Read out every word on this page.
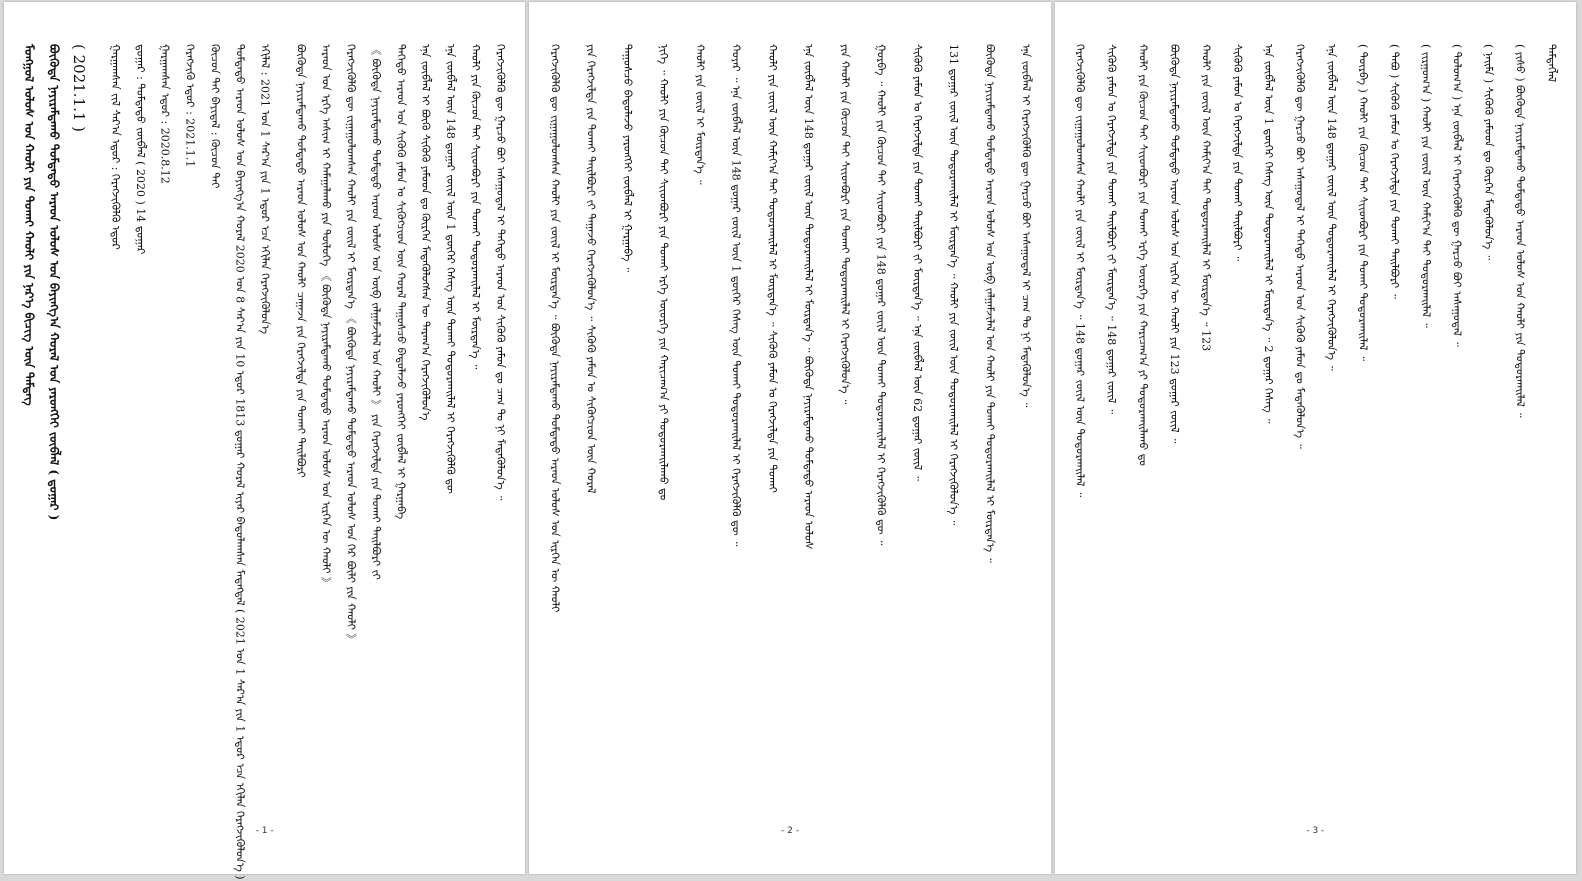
ᠮᠣᠩᠭᠣᠯ ᠤᠯᠤᠰ ᠤᠨ ᠬᠠᠤᠯᠢ ᠶᠢᠨ ᠲᠤᠬᠠᠢ ᠬᠠᠤᠯᠢ ᠶᠢᠨ ᠨᠡᠷ᠎ᠡ ᠪᠢᠴᠢᠭ ᠦᠨ ᠲᠡᠮᠳᠡᠭ ᠪᠦᠭᠦᠳᠡ ᠨᠠᠶᠢᠷᠠᠮᠳᠠᠬᠤ ᠳᠤᠮᠳᠠᠳᠤ ᠠᠷᠠᠳ ᠤᠯᠤᠰ ᠤᠨ ᠪᠠᠶᠢᠩᠭ᠎ᠠ ᠬᠤᠷᠠᠯ ᠤᠨ ᠶᠡᠷᠦᠩᠬᠡᠢ ᠵᠦᠪᠯᠡᠯ ( ᠳ᠋ᠤᠭᠠᠷ ) ( 2021.1.1 ) ᠭᠠᠷᠭᠠᠭᠰᠠᠨ ᠵᠢᠯ ᠰᠠᠷ᠎ᠠ ᠡᠳᠦᠷ : ᠬᠡᠷᠡᠭᠵᠢᠬᠦᠯᠬᠦ ᠡᠳᠦᠷ ᠳ᠋ᠤᠭᠠᠷ : ᠳᠤᠮᠳᠠᠳᠤ ᠵᠦᠪᠯᠡᠯ ( 2020 ) 14 ᠳ᠋ᠤᠭᠠᠷ ᠭᠠᠷᠭᠠᠭᠰᠠᠨ ᠡᠳᠦᠷ : 2020.8.12 ᠬᠡᠷᠡᠭᠵᠢᠬᠦ ᠡᠳᠦᠷ : 2021.1.1 ᠬᠦᠴᠦᠨ ᠲᠠᠢ ᠪᠠᠶᠢᠳᠠᠯ : ᠬᠦᠴᠦᠨ ᠲᠠᠢ ᠳᠤᠮᠳᠠᠳᠤ ᠠᠷᠠᠳ ᠤᠯᠤᠰ ᠤᠨ ᠪᠠᠶᠢᠩᠭ᠎ᠠ ᠬᠤᠷᠠᠯ 2020 ᠤᠨ 8 ᠰᠠᠷ᠎ᠠ ᠶᠢᠨ 10 ᠡᠳᠦᠷ 1813 ᠳ᠋ᠤᠭᠠᠷ ᠬᠤᠷᠠᠯ ᠢᠶᠠᠷ ᠪᠠᠲᠤᠯᠠᠭᠰᠠᠨ ᠮᠡᠳᠡᠭᠳᠡᠯ ( 2021 ᠤᠨ 1 ᠰᠠᠷ᠎ᠠ ᠶᠢᠨ 1 ᠡᠳᠦᠷ ᠡᠴᠡ ᠡᠬᠢᠯᠡᠨ ᠬᠡᠷᠡᠭᠵᠢᠭᠦᠯᠦᠨ᠎ᠡ ) ᠡᠬᠢᠯᠡᠯ : 2021 ᠤᠨ 1 ᠰᠠᠷ᠎ᠠ ᠶᠢᠨ 1 ᠡᠳᠦᠷ ᠡᠴᠡ ᠡᠬᠢᠯᠡᠨ ᠬᠡᠷᠡᠭᠵᠢᠭᠦᠯᠦᠨ᠎ᠡ ᠪᠦᠭᠦᠳᠡ ᠨᠠᠶᠢᠷᠠᠮᠳᠠᠬᠤ ᠳᠤᠮᠳᠠᠳᠤ ᠠᠷᠠᠳ ᠤᠯᠤᠰ ᠤᠨ ᠬᠠᠤᠯᠢ ᠴᠠᠭᠠᠵᠠ ᠶᠢᠨ ᠬᠡᠷᠡᠭᠵᠢᠯᠲᠡ ᠶᠢᠨ ᠲᠤᠬᠠᠢ ᠲᠠᠢᠯᠪᠤᠷᠢ ᠠᠷᠠᠳ ᠤᠨ ᠡᠷᠬᠡ ᠠᠰᠢᠭ ᠢ ᠬᠠᠮᠠᠭᠠᠯᠠᠬᠤ ᠶᠢᠨ ᠲᠥᠯᠥᠭᠡ 《 ᠪᠦᠭᠦᠳᠡ ᠨᠠᠶᠢᠷᠠᠮᠳᠠᠬᠤ ᠳᠤᠮᠳᠠᠳᠤ ᠠᠷᠠᠳ ᠤᠯᠤᠰ ᠤᠨ ᠢᠷᠭᠡᠨ ᠦ ᠬᠠᠤᠯᠢ 》 ᠬᠡᠷᠡᠭᠵᠢᠭᠦᠯᠬᠦ ᠳᠦ ᠵᠢᠭᠠᠭᠤᠯᠤᠭᠰᠠᠨ ᠬᠠᠤᠯᠢ ᠶᠢᠨ ᠵᠦᠢᠯ ᠢ ᠮᠦᠷᠳᠡᠨ᠎ᠡ 《 ᠪᠦᠭᠦᠳᠡ ᠨᠠᠶᠢᠷᠠᠮᠳᠠᠬᠤ ᠳᠤᠮᠳᠠᠳᠤ ᠠᠷᠠᠳ ᠤᠯᠤᠰ ᠤᠨ ᠭᠡᠷ ᠪᠦᠯᠢ ᠶᠢᠨ ᠬᠠᠤᠯᠢ 》 《 ᠪᠦᠭᠦᠳᠡ ᠨᠠᠶᠢᠷᠠᠮᠳᠠᠬᠤ ᠳᠤᠮᠳᠠᠳᠤ ᠠᠷᠠᠳ ᠤᠯᠤᠰ ᠤᠨ ᠥᠪ ᠵᠠᠯᠭᠠᠮᠵᠢᠯᠠᠯ ᠤᠨ ᠬᠠᠤᠯᠢ 》 ᠶᠢᠨ ᠬᠡᠷᠡᠭᠵᠢᠯᠲᠡ ᠶᠢᠨ ᠲᠤᠬᠠᠢ ᠲᠠᠢᠯᠪᠤᠷᠢ ᠵᠢ ᠳᠡᠭᠡᠳᠦ ᠠᠷᠠᠳ ᠤᠨ ᠰᠢᠭᠦᠬᠦ ᠶᠠᠮᠤᠨ ᠤ ᠰᠢᠭᠦᠭᠴᠢᠳ ᠦᠨ ᠬᠤᠷᠠᠯ ᠳᠠᠭᠤᠰᠴᠤ ᠪᠠᠲᠤᠯᠠᠵᠤ ᠶᠡᠷᠦᠩᠬᠡᠢ ᠵᠦᠪᠯᠡᠯ ᠢ ᠭᠠᠷᠭᠠᠪᠠ ᠡᠨᠡ ᠵᠦᠪᠯᠡᠯ ᠢ ᠪᠦᠬᠦ ᠰᠢᠭᠦᠬᠦ ᠶᠠᠮᠤᠳ ᠳᠤ ᠬᠦᠷᠭᠡᠨ ᠮᠡᠳᠡᠭᠦᠯᠦᠭᠰᠡᠨ ᠦ ᠳᠠᠷᠠᠭ᠎ᠠ ᠬᠡᠷᠡᠭᠵᠢᠭᠦᠯᠦᠨ᠎ᠡ ᠡᠨᠡ ᠵᠦᠪᠯᠡᠯ ᠦᠨ 148 ᠳ᠋ᠤᠭᠠᠷ ᠵᠦᠢᠯ ᠦᠨ 1 ᠳ᠋ᠦᠭᠡᠷ ᠬᠡᠰᠡᠭ ᠦᠨ ᠲᠤᠬᠠᠢ ᠲᠣᠳᠤᠷᠬᠠᠢᠯᠠᠯ ᠢ ᠬᠡᠷᠡᠭᠵᠢᠭᠦᠯᠬᠦ ᠳᠦ ᠬᠠᠤᠯᠢ ᠶᠢᠨ ᠬᠦᠴᠦᠨ ᠲᠡᠢ ᠰᠢᠢᠳᠪᠦᠷᠢ ᠶᠢᠨ ᠲᠤᠬᠠᠢ ᠲᠣᠳᠤᠷᠬᠠᠢᠯᠠᠯ ᠢ ᠮᠦᠷᠳᠡᠨ᠎ᠡ ᠃ ᠬᠡᠷᠡᠭᠵᠢᠭᠦᠯᠬᠦ ᠳᠦ ᠭᠠᠷᠴᠤ ᠪᠤᠢ ᠠᠰᠠᠭᠤᠳᠠᠯ ᠢ ᠳᠡᠭᠡᠳᠦ ᠠᠷᠠᠳ ᠤᠨ ᠰᠢᠭᠦᠬᠦ ᠶᠠᠮᠤᠨ ᠳᠤ ᠴᠠᠭ ᠲᠤ ᠨᠢ ᠮᠡᠳᠡᠭᠦᠯᠦᠨ᠎ᠡ ᠃
- 1 -
ᠬᠡᠷᠡᠭᠵᠢᠭᠦᠯᠬᠦ ᠳᠦ ᠵᠢᠭᠠᠭᠤᠯᠤᠭᠰᠠᠨ ᠬᠠᠤᠯᠢ ᠶᠢᠨ ᠵᠦᠢᠯ ᠢ ᠮᠦᠷᠳᠡᠨ᠎ᠡ ᠃ ᠪᠦᠭᠦᠳᠡ ᠨᠠᠶᠢᠷᠠᠮᠳᠠᠬᠤ ᠳᠤᠮᠳᠠᠳᠤ ᠠᠷᠠᠳ ᠤᠯᠤᠰ ᠤᠨ ᠢᠷᠭᠡᠨ ᠦ ᠬᠠᠤᠯᠢ ᠶᠢᠨ ᠬᠡᠷᠡᠭᠵᠢᠯᠲᠡ ᠶᠢᠨ ᠲᠤᠬᠠᠢ ᠲᠠᠢᠯᠪᠤᠷᠢ ᠵᠢ ᠳᠠᠭᠠᠵᠤ ᠬᠡᠷᠡᠭᠵᠢᠭᠦᠯᠦᠨ᠎ᠡ ᠃ ᠰᠢᠭᠦᠬᠦ ᠶᠠᠮᠤᠨ ᠤ ᠰᠢᠭᠦᠭᠴᠢᠳ ᠦᠨ ᠬᠤᠷᠠᠯ ᠳᠠᠭᠤᠰᠴᠤ ᠪᠠᠲᠤᠯᠠᠵᠤ ᠶᠡᠷᠦᠩᠬᠡᠢ ᠵᠦᠪᠯᠡᠯ ᠢ ᠭᠠᠷᠭᠠᠪᠠ ᠃ ᠨᠢᠭᠡ ᠃ ᠬᠠᠤᠯᠢ ᠶᠢᠨ ᠬᠦᠴᠦᠨ ᠲᠡᠢ ᠰᠢᠢᠳᠪᠦᠷᠢ ᠶᠢᠨ ᠲᠤᠬᠠᠢ ᠡᠷᠬᠡ ᠦᠦᠷᠭᠡ ᠶᠢᠨ ᠬᠠᠷᠢᠴᠠᠭ᠎ᠠ ᠶᠢ ᠲᠣᠳᠤᠷᠬᠠᠢᠯᠠᠬᠤ ᠳᠤ ᠬᠠᠤᠯᠢ ᠶᠢᠨ ᠵᠦᠢᠯ ᠢ ᠮᠦᠷᠳᠡᠨ᠎ᠡ ᠃ ᠬᠣᠶᠠᠷ ᠃ ᠡᠨᠡ ᠵᠦᠪᠯᠡᠯ ᠦᠨ 148 ᠳ᠋ᠤᠭᠠᠷ ᠵᠦᠢᠯ ᠦᠨ 1 ᠳ᠋ᠦᠭᠡᠷ ᠬᠡᠰᠡᠭ ᠦᠨ ᠲᠤᠬᠠᠢ ᠲᠣᠳᠤᠷᠬᠠᠢᠯᠠᠯ ᠢ ᠬᠡᠷᠡᠭᠵᠢᠭᠦᠯᠬᠦ ᠳᠦ ᠃ ᠬᠠᠤᠯᠢ ᠶᠢᠨ ᠵᠦᠢᠯ ᠦᠨ ᠬᠠᠮᠢᠶ᠎ᠠ ᠲᠠᠢ ᠲᠣᠳᠤᠷᠬᠠᠢᠯᠠᠯ ᠢ ᠮᠦᠷᠳᠡᠨ᠎ᠡ ᠃ ᠰᠢᠭᠦᠬᠦ ᠶᠠᠮᠤᠨ ᠤ ᠬᠡᠷᠡᠭᠵᠢᠯᠲᠡ ᠶᠢᠨ ᠲᠤᠬᠠᠢ ᠡᠨᠡ ᠵᠦᠪᠯᠡᠯ ᠦᠨ 148 ᠳ᠋ᠤᠭᠠᠷ ᠵᠦᠢᠯ ᠦᠨ ᠲᠣᠳᠤᠷᠬᠠᠢᠯᠠᠯ ᠢ ᠮᠦᠷᠳᠡᠨ᠎ᠡ ᠃ ᠪᠦᠭᠦᠳᠡ ᠨᠠᠶᠢᠷᠠᠮᠳᠠᠬᠤ ᠳᠤᠮᠳᠠᠳᠤ ᠠᠷᠠᠳ ᠤᠯᠤᠰ ᠶᠢᠨ ᠬᠠᠤᠯᠢ ᠶᠢᠨ ᠬᠦᠴᠦᠨ ᠲᠡᠢ ᠰᠢᠢᠳᠪᠦᠷᠢ ᠶᠢᠨ ᠲᠤᠬᠠᠢ ᠲᠣᠳᠤᠷᠬᠠᠢᠯᠠᠯ ᠢ ᠬᠡᠷᠡᠭᠵᠢᠭᠦᠯᠦᠨ᠎ᠡ ᠃ ᠭᠤᠷᠪᠠ ᠃ ᠬᠠᠤᠯᠢ ᠶᠢᠨ ᠬᠦᠴᠦᠨ ᠲᠡᠢ ᠰᠢᠢᠳᠪᠦᠷᠢ ᠶᠢᠨ 148 ᠳ᠋ᠤᠭᠠᠷ ᠵᠦᠢᠯ ᠦᠨ ᠲᠤᠬᠠᠢ ᠲᠣᠳᠤᠷᠬᠠᠢᠯᠠᠯ ᠢ ᠬᠡᠷᠡᠭᠵᠢᠭᠦᠯᠬᠦ ᠳᠦ ᠃ ᠰᠢᠭᠦᠬᠦ ᠶᠠᠮᠤᠨ ᠤ ᠬᠡᠷᠡᠭᠵᠢᠯᠲᠡ ᠶᠢᠨ ᠲᠤᠬᠠᠢ ᠲᠠᠢᠯᠪᠤᠷᠢ ᠵᠢ ᠮᠦᠷᠳᠡᠨ᠎ᠡ ᠃ ᠡᠨᠡ ᠵᠦᠪᠯᠡᠯ ᠦᠨ 62 ᠳ᠋ᠤᠭᠠᠷ ᠵᠦᠢᠯ ᠃ 131 ᠳ᠋ᠤᠭᠠᠷ ᠵᠦᠢᠯ ᠦᠨ ᠲᠣᠳᠤᠷᠬᠠᠢᠯᠠᠯ ᠢ ᠮᠦᠷᠳᠡᠨ᠎ᠡ ᠃ ᠬᠠᠤᠯᠢ ᠶᠢᠨ ᠵᠦᠢᠯ ᠦᠨ ᠲᠣᠳᠤᠷᠬᠠᠢᠯᠠᠯ ᠢ ᠬᠡᠷᠡᠭᠵᠢᠭᠦᠯᠦᠨ᠎ᠡ ᠃ ᠪᠦᠭᠦᠳᠡ ᠨᠠᠶᠢᠷᠠᠮᠳᠠᠬᠤ ᠳᠤᠮᠳᠠᠳᠤ ᠠᠷᠠᠳ ᠤᠯᠤᠰ ᠤᠨ ᠥᠪ ᠵᠠᠯᠭᠠᠮᠵᠢᠯᠠᠯ ᠤᠨ ᠬᠠᠤᠯᠢ ᠶᠢᠨ ᠲᠤᠬᠠᠢ ᠲᠣᠳᠤᠷᠬᠠᠢᠯᠠᠯ ᠢ ᠮᠦᠷᠳᠡᠨ᠎ᠡ ᠃ ᠡᠨᠡ ᠵᠦᠪᠯᠡᠯ ᠢ ᠬᠡᠷᠡᠭᠵᠢᠭᠦᠯᠬᠦ ᠳᠦ ᠭᠠᠷᠴᠤ ᠪᠤᠢ ᠠᠰᠠᠭᠤᠳᠠᠯ ᠢ ᠴᠠᠭ ᠲᠤ ᠨᠢ ᠮᠡᠳᠡᠭᠦᠯᠦᠨ᠎ᠡ ᠃
- 2 -
ᠬᠡᠷᠡᠭᠵᠢᠭᠦᠯᠬᠦ ᠳᠦ ᠵᠢᠭᠠᠭᠤᠯᠤᠭᠰᠠᠨ ᠬᠠᠤᠯᠢ ᠶᠢᠨ ᠵᠦᠢᠯ ᠢ ᠮᠦᠷᠳᠡᠨ᠎ᠡ ᠃ 148 ᠳ᠋ᠤᠭᠠᠷ ᠵᠦᠢᠯ ᠦᠨ ᠲᠣᠳᠤᠷᠬᠠᠢᠯᠠᠯ ᠃ ᠰᠢᠭᠦᠬᠦ ᠶᠠᠮᠤᠨ ᠤ ᠬᠡᠷᠡᠭᠵᠢᠯᠲᠡ ᠶᠢᠨ ᠲᠤᠬᠠᠢ ᠲᠠᠢᠯᠪᠤᠷᠢ ᠵᠢ ᠮᠦᠷᠳᠡᠨ᠎ᠡ ᠃ 148 ᠳ᠋ᠤᠭᠠᠷ ᠵᠦᠢᠯ ᠃ ᠬᠠᠤᠯᠢ ᠶᠢᠨ ᠬᠦᠴᠦᠨ ᠲᠡᠢ ᠰᠢᠢᠳᠪᠦᠷᠢ ᠶᠢᠨ ᠲᠤᠬᠠᠢ ᠡᠷᠬᠡ ᠦᠦᠷᠭᠡ ᠶᠢᠨ ᠬᠠᠷᠢᠴᠠᠭ᠎ᠠ ᠶᠢ ᠲᠣᠳᠤᠷᠬᠠᠢᠯᠠᠬᠤ ᠳᠤ ᠪᠦᠭᠦᠳᠡ ᠨᠠᠶᠢᠷᠠᠮᠳᠠᠬᠤ ᠳᠤᠮᠳᠠᠳᠤ ᠠᠷᠠᠳ ᠤᠯᠤᠰ ᠤᠨ ᠢᠷᠭᠡᠨ ᠦ ᠬᠠᠤᠯᠢ ᠶᠢᠨ 123 ᠳ᠋ᠤᠭᠠᠷ ᠵᠦᠢᠯ ᠃ ᠬᠠᠤᠯᠢ ᠶᠢᠨ ᠵᠦᠢᠯ ᠦᠨ ᠬᠠᠮᠢᠶ᠎ᠠ ᠲᠠᠢ ᠲᠣᠳᠤᠷᠬᠠᠢᠯᠠᠯ ᠢ ᠮᠦᠷᠳᠡᠨ᠎ᠡ ᠃ 123 ᠰᠢᠭᠦᠬᠦ ᠶᠠᠮᠤᠨ ᠤ ᠬᠡᠷᠡᠭᠵᠢᠯᠲᠡ ᠶᠢᠨ ᠲᠤᠬᠠᠢ ᠲᠠᠢᠯᠪᠤᠷᠢ ᠃ ᠡᠨᠡ ᠵᠦᠪᠯᠡᠯ ᠦᠨ 1 ᠳ᠋ᠦᠭᠡᠷ ᠬᠡᠰᠡᠭ ᠦᠨ ᠲᠣᠳᠤᠷᠬᠠᠢᠯᠠᠯ ᠢ ᠮᠦᠷᠳᠡᠨ᠎ᠡ ᠃ 2 ᠳ᠋ᠤᠭᠠᠷ ᠬᠡᠰᠡᠭ ᠃ ᠬᠡᠷᠡᠭᠵᠢᠭᠦᠯᠬᠦ ᠳᠦ ᠭᠠᠷᠴᠤ ᠪᠤᠢ ᠠᠰᠠᠭᠤᠳᠠᠯ ᠢ ᠳᠡᠭᠡᠳᠦ ᠠᠷᠠᠳ ᠤᠨ ᠰᠢᠭᠦᠬᠦ ᠶᠠᠮᠤᠨ ᠳᠤ ᠮᠡᠳᠡᠭᠦᠯᠦᠨ᠎ᠡ ᠃ ᠡᠨᠡ ᠵᠦᠪᠯᠡᠯ ᠦᠨ 148 ᠳ᠋ᠤᠭᠠᠷ ᠵᠦᠢᠯ ᠦᠨ ᠲᠣᠳᠤᠷᠬᠠᠢᠯᠠᠯ ᠢ ᠬᠡᠷᠡᠭᠵᠢᠭᠦᠯᠦᠨ᠎ᠡ ᠃ ( ᠳᠦᠷᠪᠡ ) ᠬᠠᠤᠯᠢ ᠶᠢᠨ ᠬᠦᠴᠦᠨ ᠲᠡᠢ ᠰᠢᠢᠳᠪᠦᠷᠢ ᠶᠢᠨ ᠲᠤᠬᠠᠢ ᠲᠣᠳᠤᠷᠬᠠᠢᠯᠠᠯ ᠃ ( ᠲᠠᠪᠤ ) ᠰᠢᠭᠦᠬᠦ ᠶᠠᠮᠤᠨ ᠤ ᠬᠡᠷᠡᠭᠵᠢᠯᠲᠡ ᠶᠢᠨ ᠲᠤᠬᠠᠢ ᠲᠠᠢᠯᠪᠤᠷᠢ ᠃ ( ᠵᠢᠷᠭᠤᠭ᠎ᠠ ) ᠬᠠᠤᠯᠢ ᠶᠢᠨ ᠵᠦᠢᠯ ᠦᠨ ᠬᠠᠮᠢᠶ᠎ᠠ ᠲᠠᠢ ᠲᠣᠳᠤᠷᠬᠠᠢᠯᠠᠯ ᠃ ( ᠳᠣᠯᠣᠭ᠎ᠠ ) ᠡᠨᠡ ᠵᠦᠪᠯᠡᠯ ᠢ ᠬᠡᠷᠡᠭᠵᠢᠭᠦᠯᠬᠦ ᠳᠦ ᠭᠠᠷᠴᠤ ᠪᠤᠢ ᠠᠰᠠᠭᠤᠳᠠᠯ ᠃ ( ᠨᠠᠢᠮᠠ ) ᠰᠢᠭᠦᠬᠦ ᠶᠠᠮᠤᠳ ᠳᠤ ᠬᠦᠷᠭᠡᠨ ᠮᠡᠳᠡᠭᠦᠯᠦᠨ᠎ᠡ ᠃ ( ᠶᠢᠰᠦ ) ᠪᠦᠭᠦᠳᠡ ᠨᠠᠶᠢᠷᠠᠮᠳᠠᠬᠤ ᠳᠤᠮᠳᠠᠳᠤ ᠠᠷᠠᠳ ᠤᠯᠤᠰ ᠤᠨ ᠬᠠᠤᠯᠢ ᠶᠢᠨ ᠲᠣᠳᠤᠷᠬᠠᠢᠯᠠᠯ ᠃ ᠲᠡᠮᠳᠡᠭᠯᠡᠯ
- 3 -
